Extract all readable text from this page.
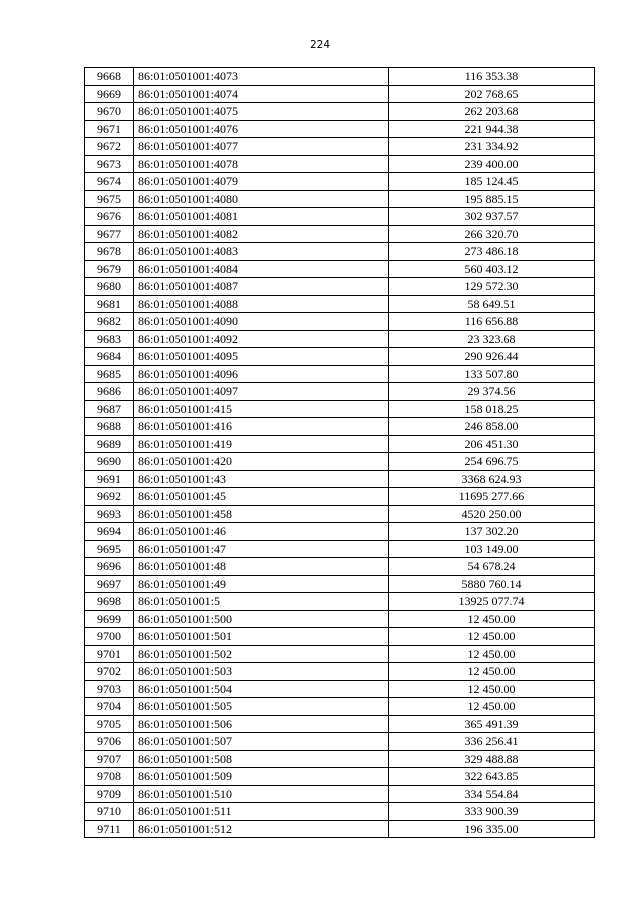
224
9668	86:01:0501001:4073	116 353.38
9669	86:01:0501001:4074	202 768.65
9670	86:01:0501001:4075	262 203.68
9671	86:01:0501001:4076	221 944.38
9672	86:01:0501001:4077	231 334.92
9673	86:01:0501001:4078	239 400.00
9674	86:01:0501001:4079	185 124.45
9675	86:01:0501001:4080	195 885.15
9676	86:01:0501001:4081	302 937.57
9677	86:01:0501001:4082	266 320.70
9678	86:01:0501001:4083	273 486.18
9679	86:01:0501001:4084	560 403.12
9680	86:01:0501001:4087	129 572.30
9681	86:01:0501001:4088	58 649.51
9682	86:01:0501001:4090	116 656.88
9683	86:01:0501001:4092	23 323.68
9684	86:01:0501001:4095	290 926.44
9685	86:01:0501001:4096	133 507.80
9686	86:01:0501001:4097	29 374.56
9687	86:01:0501001:415	158 018.25
9688	86:01:0501001:416	246 858.00
9689	86:01:0501001:419	206 451.30
9690	86:01:0501001:420	254 696.75
9691	86:01:0501001:43	3368 624.93
9692	86:01:0501001:45	11695 277.66
9693	86:01:0501001:458	4520 250.00
9694	86:01:0501001:46	137 302.20
9695	86:01:0501001:47	103 149.00
9696	86:01:0501001:48	54 678.24
9697	86:01:0501001:49	5880 760.14
9698	86:01:0501001:5	13925 077.74
9699	86:01:0501001:500	12 450.00
9700	86:01:0501001:501	12 450.00
9701	86:01:0501001:502	12 450.00
9702	86:01:0501001:503	12 450.00
9703	86:01:0501001:504	12 450.00
9704	86:01:0501001:505	12 450.00
9705	86:01:0501001:506	365 491.39
9706	86:01:0501001:507	336 256.41
9707	86:01:0501001:508	329 488.88
9708	86:01:0501001:509	322 643.85
9709	86:01:0501001:510	334 554.84
9710	86:01:0501001:511	333 900.39
9711	86:01:0501001:512	196 335.00
